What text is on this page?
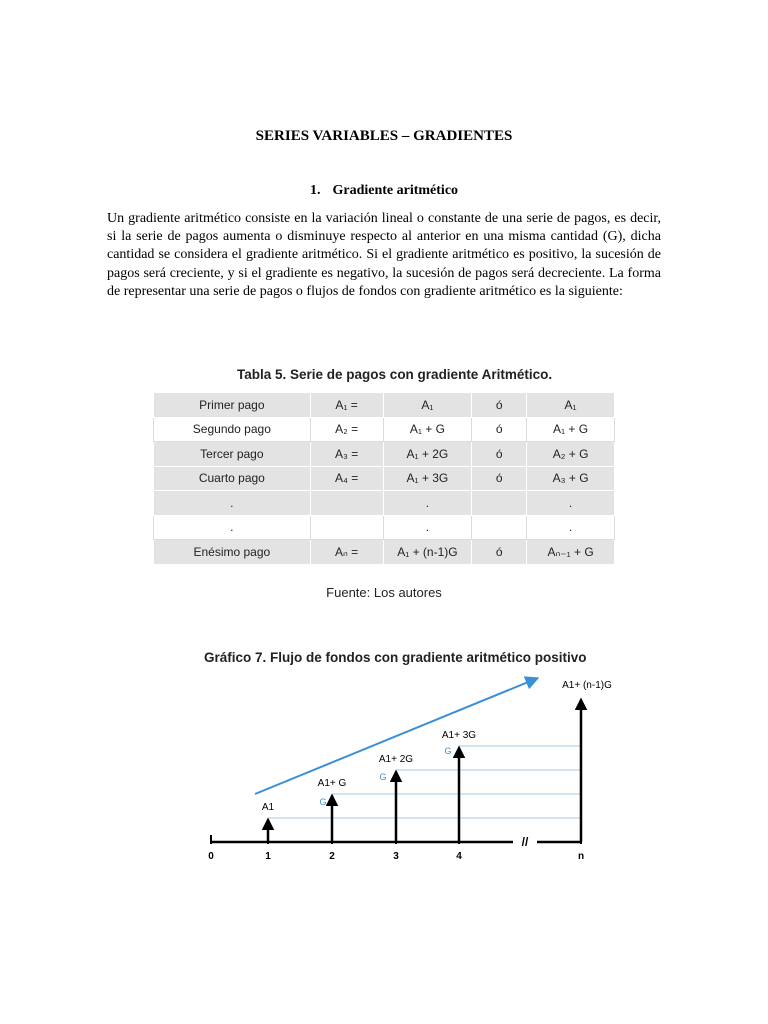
SERIES VARIABLES – GRADIENTES
1. Gradiente aritmético
Un gradiente aritmético consiste en la variación lineal o constante de una serie de pagos, es decir, si la serie de pagos aumenta o disminuye respecto al anterior en una misma cantidad (G), dicha cantidad se considera el gradiente aritmético. Si el gradiente aritmético es positivo, la sucesión de pagos será creciente, y si el gradiente es negativo, la sucesión de pagos será decreciente. La forma de representar una serie de pagos o flujos de fondos con gradiente aritmético es la siguiente:
Tabla 5. Serie de pagos con gradiente Aritmético.
Primer pago	A₁ =	A₁	ó	A₁
Segundo pago	A₂ =	A₁ + G	ó	A₁ + G
Tercer pago	A₃ =	A₁ + 2G	ó	A₂ + G
Cuarto pago	A₄ =	A₁ + 3G	ó	A₃ + G
.		.		.
.		.		.
Enésimo pago	Aₙ =	A₁ + (n-1)G	ó	Aₙ₋₁ + G
Fuente: Los autores
Gráfico 7. Flujo de fondos con gradiente aritmético positivo
//
0	1	2	3	4	n
A1
A1+ G
A1+ 2G
A1+ 3G
A1+ (n-1)G
G
G
G
